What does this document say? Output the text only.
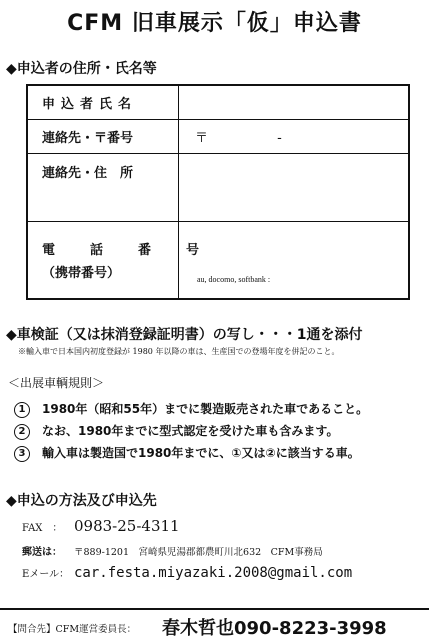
CFM 旧車展示「仮」申込書
◆申込者の住所・氏名等
申込者氏名	
連絡先・〒番号	〒 -
連絡先・住　所	

電　話　番　号
（携帯番号）	au, docomo, softbank :
◆車検証（又は抹消登録証明書）の写し・・・1通を添付
※輸入車で日本国内初度登録が 1980 年以降の車は、生産国での登場年度を併記のこと。
＜出展車輌規則＞
1 1980年（昭和55年）までに製造販売された車であること。
2 なお、1980年までに型式認定を受けた車も含みます。
3 輸入車は製造国で1980年までに、①又は②に該当する車。
◆申込の方法及び申込先
FAX　： 0983-25-4311
郵送は： 〒889-1201　宮崎県児湯郡都農町川北632　CFM事務局
Eメール： car.festa.miyazaki.2008@gmail.com
【問合先】CFM運営委員長： 春木哲也090-8223-3998
